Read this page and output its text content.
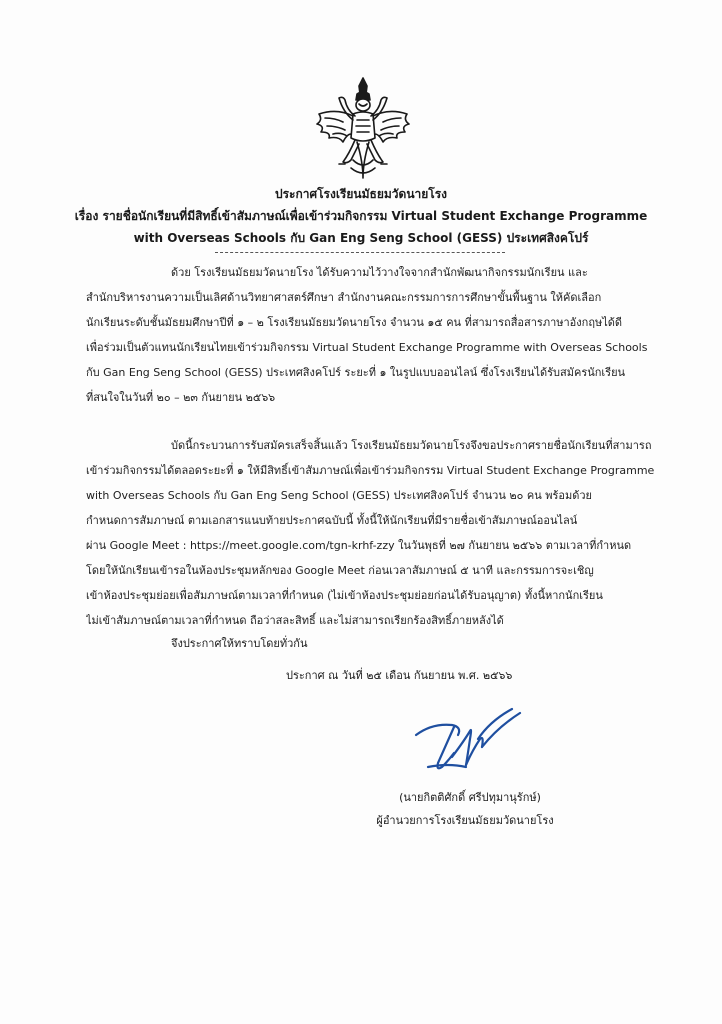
ประกาศโรงเรียนมัธยมวัดนายโรง
เรื่อง รายชื่อนักเรียนที่มีสิทธิ์เข้าสัมภาษณ์เพื่อเข้าร่วมกิจกรรม Virtual Student Exchange Programme
with Overseas Schools กับ Gan Eng Seng School (GESS) ประเทศสิงคโปร์
ด้วย โรงเรียนมัธยมวัดนายโรง ได้รับความไว้วางใจจากสำนักพัฒนากิจกรรมนักเรียน และ
สำนักบริหารงานความเป็นเลิศด้านวิทยาศาสตร์ศึกษา สำนักงานคณะกรรมการการศึกษาขั้นพื้นฐาน ให้คัดเลือก
นักเรียนระดับชั้นมัธยมศึกษาปีที่ ๑ – ๒ โรงเรียนมัธยมวัดนายโรง จำนวน ๑๕ คน ที่สามารถสื่อสารภาษาอังกฤษได้ดี
เพื่อร่วมเป็นตัวแทนนักเรียนไทยเข้าร่วมกิจกรรม Virtual Student Exchange Programme with Overseas Schools
กับ Gan Eng Seng School (GESS) ประเทศสิงคโปร์ ระยะที่ ๑ ในรูปแบบออนไลน์ ซึ่งโรงเรียนได้รับสมัครนักเรียน
ที่สนใจในวันที่ ๒๐ – ๒๓ กันยายน ๒๕๖๖
บัดนี้กระบวนการรับสมัครเสร็จสิ้นแล้ว โรงเรียนมัธยมวัดนายโรงจึงขอประกาศรายชื่อนักเรียนที่สามารถ
เข้าร่วมกิจกรรมได้ตลอดระยะที่ ๑ ให้มีสิทธิ์เข้าสัมภาษณ์เพื่อเข้าร่วมกิจกรรม Virtual Student Exchange Programme
with Overseas Schools กับ Gan Eng Seng School (GESS) ประเทศสิงคโปร์ จำนวน ๒๐ คน พร้อมด้วย
กำหนดการสัมภาษณ์ ตามเอกสารแนบท้ายประกาศฉบับนี้ ทั้งนี้ให้นักเรียนที่มีรายชื่อเข้าสัมภาษณ์ออนไลน์
ผ่าน Google Meet : https://meet.google.com/tgn-krhf-zzy ในวันพุธที่ ๒๗ กันยายน ๒๕๖๖ ตามเวลาที่กำหนด
โดยให้นักเรียนเข้ารอในห้องประชุมหลักของ Google Meet ก่อนเวลาสัมภาษณ์ ๕ นาที และกรรมการจะเชิญ
เข้าห้องประชุมย่อยเพื่อสัมภาษณ์ตามเวลาที่กำหนด (ไม่เข้าห้องประชุมย่อยก่อนได้รับอนุญาต) ทั้งนี้หากนักเรียน
ไม่เข้าสัมภาษณ์ตามเวลาที่กำหนด ถือว่าสละสิทธิ์ และไม่สามารถเรียกร้องสิทธิ์ภายหลังได้
จึงประกาศให้ทราบโดยทั่วกัน
ประกาศ ณ วันที่ ๒๕ เดือน กันยายน พ.ศ. ๒๕๖๖
(นายกิตติศักดิ์ ศรีปทุมานุรักษ์)
ผู้อำนวยการโรงเรียนมัธยมวัดนายโรง
